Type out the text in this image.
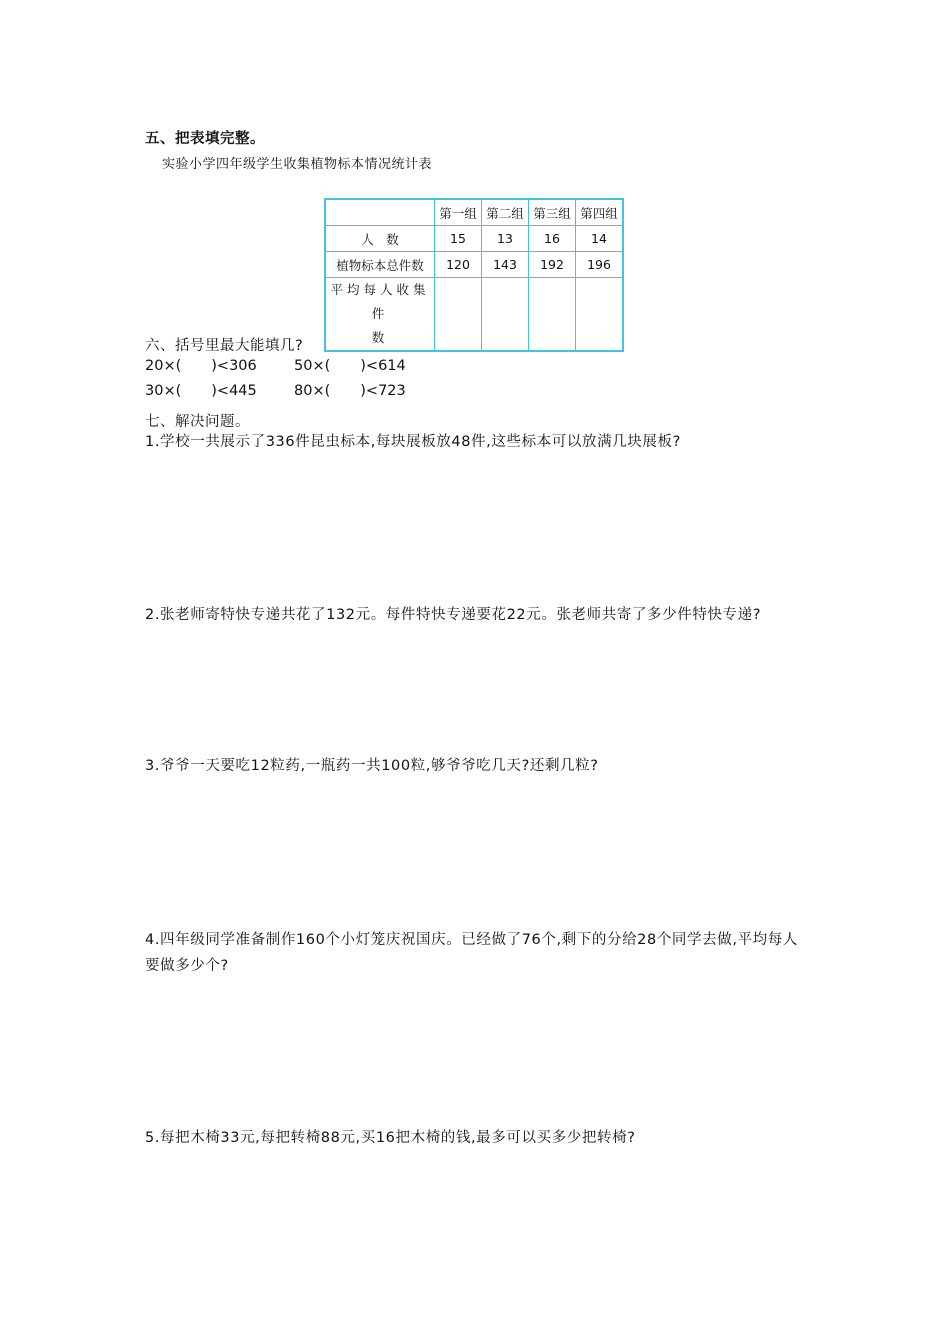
五、把表填完整。
实验小学四年级学生收集植物标本情况统计表
	第一组	第二组	第三组	第四组
人　数	15	13	16	14
植物标本总件数	120	143	192	196

平均每人收集件
数				

六、括号里最大能填几?
20×( )<306	50×( )<614
30×( )<445	80×( )<723
七、解决问题。
1.学校一共展示了336件昆虫标本,每块展板放48件,这些标本可以放满几块展板?
2.张老师寄特快专递共花了132元。每件特快专递要花22元。张老师共寄了多少件特快专递?
3.爷爷一天要吃12粒药,一瓶药一共100粒,够爷爷吃几天?还剩几粒?
4.四年级同学准备制作160个小灯笼庆祝国庆。已经做了76个,剩下的分给28个同学去做,平均每人要做多少个?
5.每把木椅33元,每把转椅88元,买16把木椅的钱,最多可以买多少把转椅?
